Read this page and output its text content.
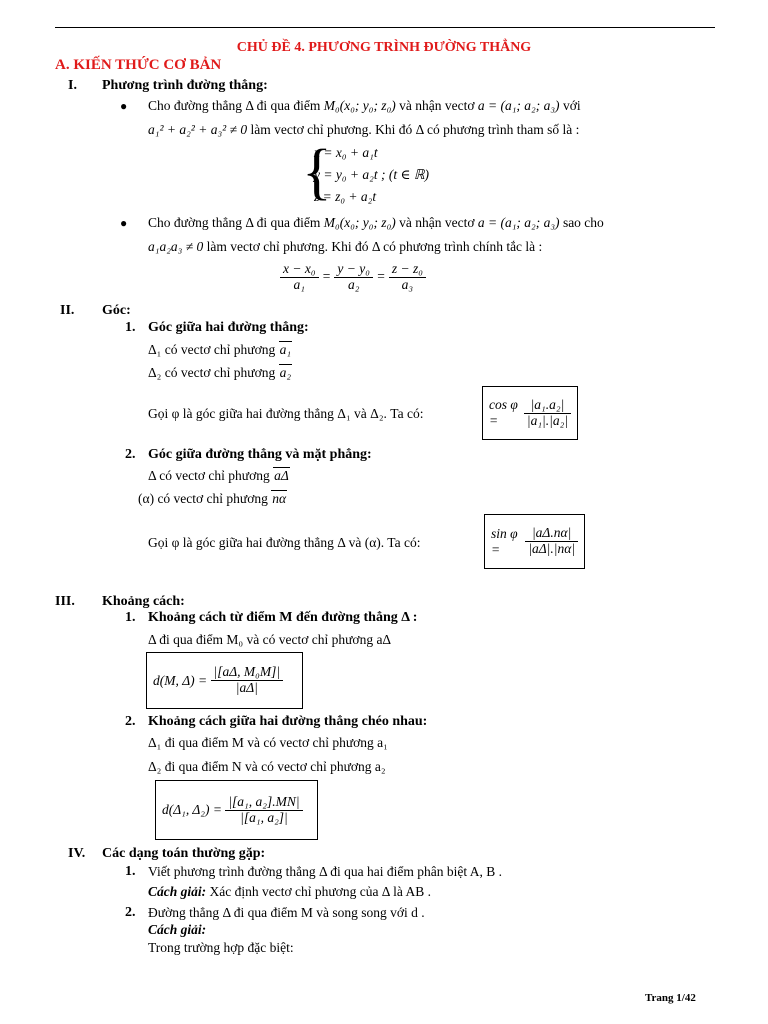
CHỦ ĐỀ 4. PHƯƠNG TRÌNH ĐƯỜNG THẲNG
A. KIẾN THỨC CƠ BẢN
I. Phương trình đường thẳng:
● Cho đường thẳng Δ đi qua điểm M₀(x₀; y₀; z₀) và nhận vectơ a = (a₁; a₂; a₃) với
a₁² + a₂² + a₃² ≠ 0 làm vectơ chỉ phương. Khi đó Δ có phương trình tham số là :
{
x = x₀ + a₁t
y = y₀ + a₂t ; (t ∈ ℝ)
z = z₀ + a₂t
● Cho đường thẳng Δ đi qua điểm M₀(x₀; y₀; z₀) và nhận vectơ a = (a₁; a₂; a₃) sao cho
a₁a₂a₃ ≠ 0 làm vectơ chỉ phương. Khi đó Δ có phương trình chính tắc là :
$\frac{\text{x − x₀}}{\text{a₁}} = \frac{\text{y − y₀}}{\text{a₂}} = \frac{\text{z − z₀}}{\text{a₃}}$
II. Góc:
1. Góc giữa hai đường thẳng:
Δ₁ có vectơ chỉ phương a₁
Δ₂ có vectơ chỉ phương a₂
Gọi φ là góc giữa hai đường thẳng Δ₁ và Δ₂. Ta có:
cos φ =
	$\frac{\text{|a₁.a₂|}}{\text{|a₁|.|a₂|}}$
2. Góc giữa đường thẳng và mặt phẳng:
Δ có vectơ chỉ phương aΔ
(α) có vectơ chỉ phương nα
Gọi φ là góc giữa hai đường thẳng Δ và (α). Ta có:
sin φ =
	$\frac{|a\Delta.n\alpha|}{|a\Delta|.|n\alpha|}$
III. Khoảng cách:
1. Khoảng cách từ điểm M đến đường thẳng Δ :
Δ đi qua điểm M₀ và có vectơ chỉ phương aΔ
d(M, Δ) =
$\frac{\text{|[aΔ, M₀M]|}}{|a\Delta|}$
2. Khoảng cách giữa hai đường thẳng chéo nhau:
Δ₁ đi qua điểm M và có vectơ chỉ phương a₁
Δ₂ đi qua điểm N và có vectơ chỉ phương a₂
d(Δ₁, Δ₂) =
$\frac{\text{|[a₁, a₂].MN|}}{\text{|[a₁, a₂]|}}$
IV. Các dạng toán thường gặp:
1. Viết phương trình đường thẳng Δ đi qua hai điểm phân biệt A, B .
Cách giải: Xác định vectơ chỉ phương của Δ là AB .
2. Đường thẳng Δ đi qua điểm M và song song với d .
Cách giải:
Trong trường hợp đặc biệt:
Trang 1/42
